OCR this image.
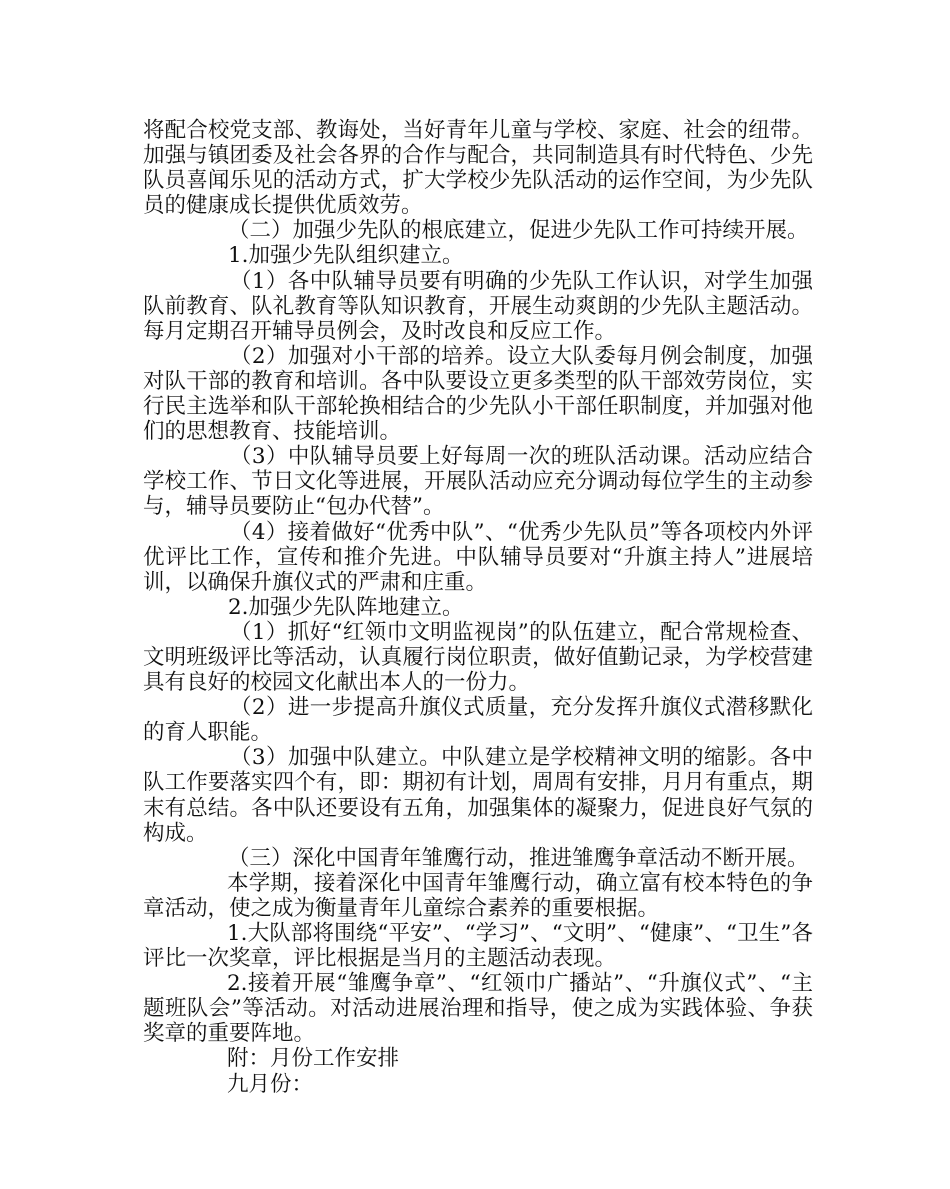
将配合校党支部、教诲处，当好青年儿童与学校、家庭、社会的纽带。加强与镇团委及社会各界的合作与配合，共同制造具有时代特色、少先队员喜闻乐见的活动方式，扩大学校少先队活动的运作空间，为少先队员的健康成长提供优质效劳。

（二）加强少先队的根底建立，促进少先队工作可持续开展。

1.加强少先队组织建立。

（1）各中队辅导员要有明确的少先队工作认识，对学生加强队前教育、队礼教育等队知识教育，开展生动爽朗的少先队主题活动。每月定期召开辅导员例会，及时改良和反应工作。

（2）加强对小干部的培养。设立大队委每月例会制度，加强对队干部的教育和培训。各中队要设立更多类型的队干部效劳岗位，实行民主选举和队干部轮换相结合的少先队小干部任职制度，并加强对他们的思想教育、技能培训。

（3）中队辅导员要上好每周一次的班队活动课。活动应结合学校工作、节日文化等进展，开展队活动应充分调动每位学生的主动参与，辅导员要防止“包办代替”。

（4）接着做好“优秀中队”、“优秀少先队员”等各项校内外评优评比工作，宣传和推介先进。中队辅导员要对“升旗主持人”进展培训，以确保升旗仪式的严肃和庄重。

2.加强少先队阵地建立。

（1）抓好“红领巾文明监视岗”的队伍建立，配合常规检查、文明班级评比等活动，认真履行岗位职责，做好值勤记录，为学校营建具有良好的校园文化献出本人的一份力。

（2）进一步提高升旗仪式质量，充分发挥升旗仪式潜移默化的育人职能。

（3）加强中队建立。中队建立是学校精神文明的缩影。各中队工作要落实四个有，即：期初有计划，周周有安排，月月有重点，期末有总结。各中队还要设有五角，加强集体的凝聚力，促进良好气氛的构成。

（三）深化中国青年雏鹰行动，推进雏鹰争章活动不断开展。

本学期，接着深化中国青年雏鹰行动，确立富有校本特色的争章活动，使之成为衡量青年儿童综合素养的重要根据。

1.大队部将围绕“平安”、“学习”、“文明”、“健康”、“卫生”各评比一次奖章，评比根据是当月的主题活动表现。

2.接着开展“雏鹰争章”、“红领巾广播站”、“升旗仪式”、“主题班队会”等活动。对活动进展治理和指导，使之成为实践体验、争获奖章的重要阵地。

附：月份工作安排

九月份：
